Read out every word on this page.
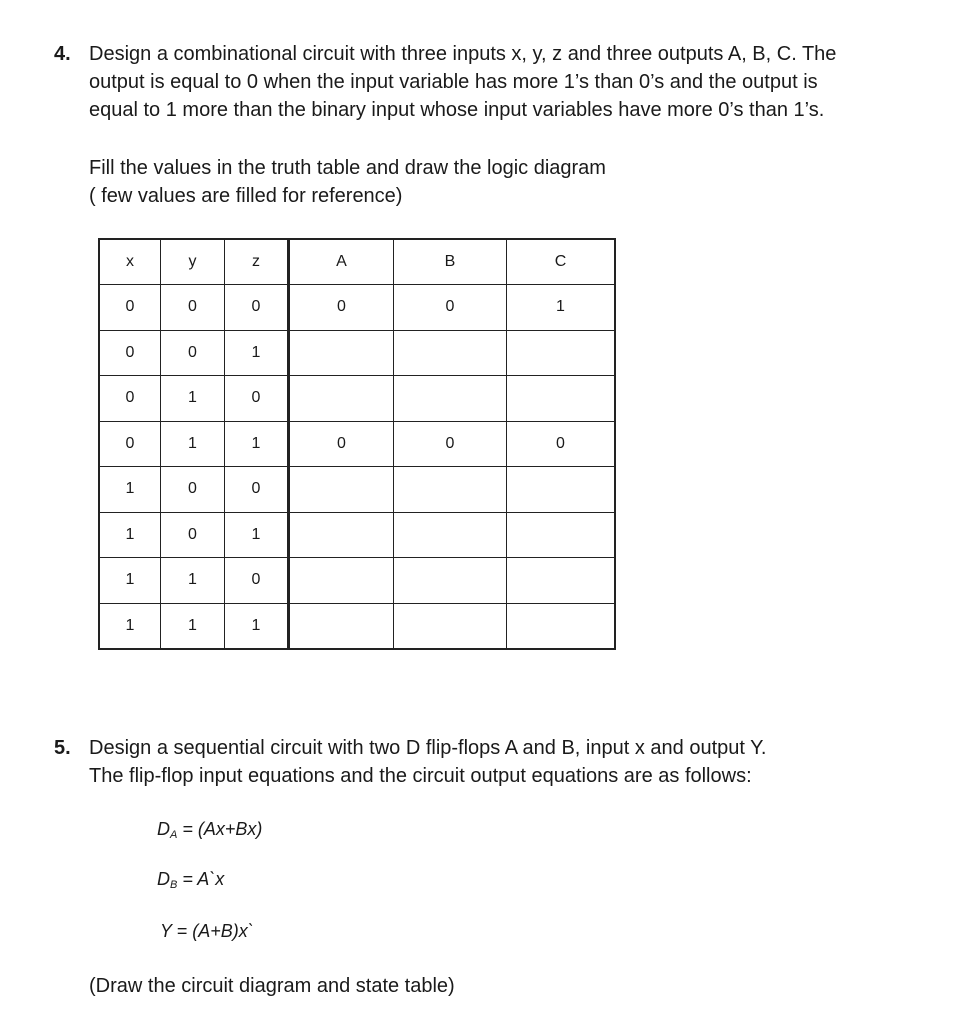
4. Design a combinational circuit with three inputs x, y, z and three outputs A, B, C. The
output is equal to 0 when the input variable has more 1’s than 0’s and the output is
equal to 1 more than the binary input whose input variables have more 0’s than 1’s.
Fill the values in the truth table and draw the logic diagram
( few values are filled for reference)
x	y	z	A	B	C
0	0	0	0	0	1
0	0	1			
0	1	0			
0	1	1	0	0	0
1	0	0			
1	0	1			
1	1	0			
1	1	1			
5. Design a sequential circuit with two D flip-flops A and B, input x and output Y.
The flip-flop input equations and the circuit output equations are as follows:
$D_A = (Ax+Bx)$
$D_B$ = A`x
Y = (A+B)x`
(Draw the circuit diagram and state table)
